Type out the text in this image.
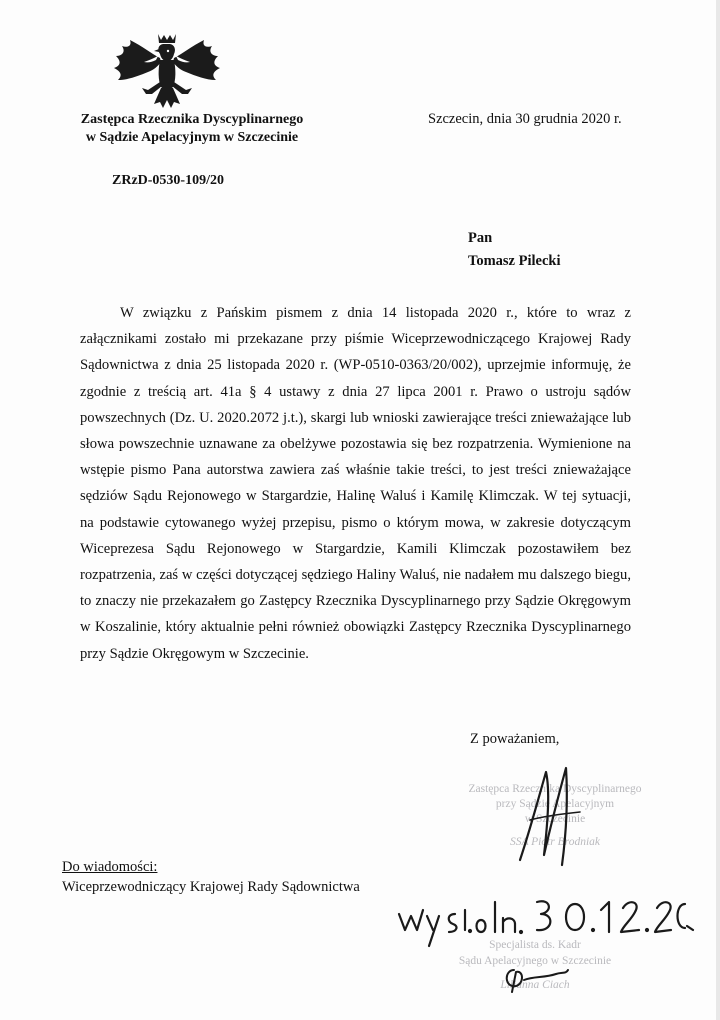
Zastępca Rzecznika Dyscyplinarnego
w Sądzie Apelacyjnym w Szczecinie
Szczecin, dnia 30 grudnia 2020 r.
ZRzD-0530-109/20
Pan
Tomasz Pilecki

W związku z Pańskim pismem z dnia 14 listopada 2020 r., które to wraz z załącznikami zostało mi przekazane przy piśmie Wiceprzewodniczącego Krajowej Rady Sądownictwa z dnia 25 listopada 2020 r. (WP-0510-0363/20/002), uprzejmie informuję, że zgodnie z treścią art. 41a § 4 ustawy z dnia 27 lipca 2001 r. Prawo o ustroju sądów powszechnych (Dz. U. 2020.2072 j.t.), skargi lub wnioski zawierające treści znieważające lub słowa powszechnie uznawane za obelżywe pozostawia się bez rozpatrzenia. Wymienione na wstępie pismo Pana autorstwa zawiera zaś właśnie takie treści, to jest treści znieważające sędziów Sądu Rejonowego w Stargardzie, Halinę Waluś i Kamilę Klimczak. W tej sytuacji, na podstawie cytowanego wyżej przepisu, pismo o którym mowa, w zakresie dotyczącym Wiceprezesa Sądu Rejonowego w Stargardzie, Kamili Klimczak pozostawiłem bez rozpatrzenia, zaś w części dotyczącej sędziego Haliny Waluś, nie nadałem mu dalszego biegu, to znaczy nie przekazałem go Zastępcy Rzecznika Dyscyplinarnego przy Sądzie Okręgowym w Koszalinie, który aktualnie pełni również obowiązki Zastępcy Rzecznika Dyscyplinarnego przy Sądzie Okręgowym w Szczecinie.

Z poważaniem,
Zastępca Rzecznika Dyscyplinarnego
przy Sądzie Apelacyjnym
w Szczecinie
SSA Piotr Brodniak
Do wiadomości:
Wiceprzewodniczący Krajowej Rady Sądownictwa
Specjalista ds. Kadr
Sądu Apelacyjnego w Szczecinie
Lilianna Ciach
